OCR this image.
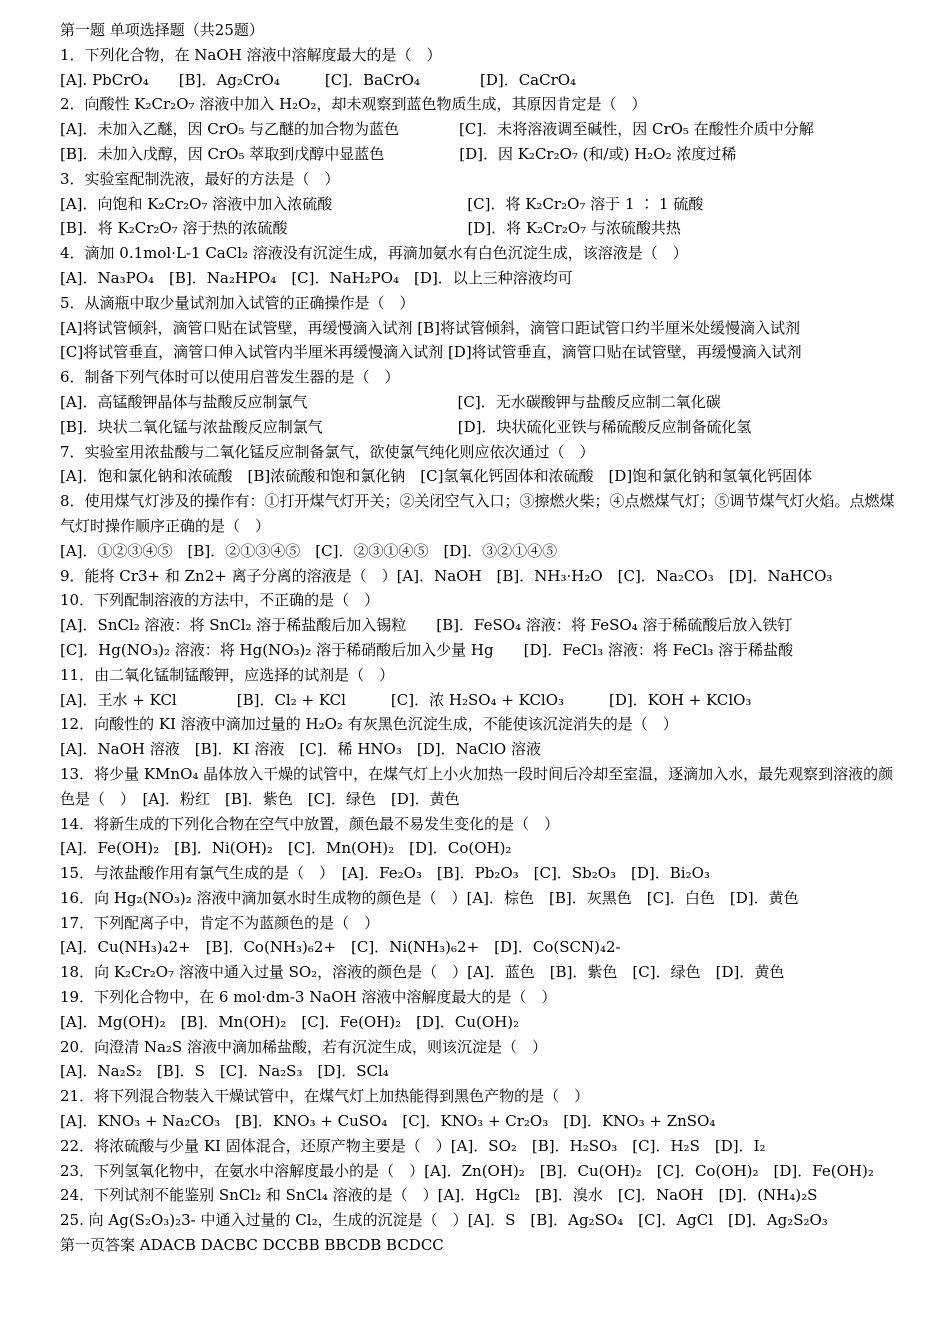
第一题 单项选择题（共25题）
1．下列化合物，在 NaOH 溶液中溶解度最大的是（　）
[A]. PbCrO₄　　[B]．Ag₂CrO₄　　　[C]．BaCrO₄　　　　[D]．CaCrO₄
2．向酸性 K₂Cr₂O₇ 溶液中加入 H₂O₂，却未观察到蓝色物质生成，其原因肯定是（　）
[A]．未加入乙醚，因 CrO₅ 与乙醚的加合物为蓝色　　　　[C]．未将溶液调至碱性，因 CrO₅ 在酸性介质中分解
[B]．未加入戊醇，因 CrO₅ 萃取到戊醇中显蓝色　　　　　[D]．因 K₂Cr₂O₇ (和/或) H₂O₂ 浓度过稀
3．实验室配制洗液，最好的方法是（　）
[A]．向饱和 K₂Cr₂O₇ 溶液中加入浓硫酸　　　　　　　　　[C]．将 K₂Cr₂O₇ 溶于 1 ∶ 1 硫酸
[B]．将 K₂Cr₂O₇ 溶于热的浓硫酸　　　　　　　　　　　　[D]．将 K₂Cr₂O₇ 与浓硫酸共热
4．滴加 0.1mol·L-1 CaCl₂ 溶液没有沉淀生成，再滴加氨水有白色沉淀生成，该溶液是（　）
[A]．Na₃PO₄　[B]．Na₂HPO₄　[C]．NaH₂PO₄　[D]．以上三种溶液均可
5．从滴瓶中取少量试剂加入试管的正确操作是（　）
[A]将试管倾斜，滴管口贴在试管壁，再缓慢滴入试剂 [B]将试管倾斜，滴管口距试管口约半厘米处缓慢滴入试剂
[C]将试管垂直，滴管口伸入试管内半厘米再缓慢滴入试剂 [D]将试管垂直，滴管口贴在试管壁，再缓慢滴入试剂
6．制备下列气体时可以使用启普发生器的是（　）
[A]．高锰酸钾晶体与盐酸反应制氯气　　　　　　　　　　[C]．无水碳酸钾与盐酸反应制二氧化碳
[B]．块状二氧化锰与浓盐酸反应制氯气　　　　　　　　　[D]．块状硫化亚铁与稀硫酸反应制备硫化氢
7．实验室用浓盐酸与二氧化锰反应制备氯气，欲使氯气纯化则应依次通过（　）
[A]．饱和氯化钠和浓硫酸　[B]浓硫酸和饱和氯化钠　[C]氢氧化钙固体和浓硫酸　[D]饱和氯化钠和氢氧化钙固体
8．使用煤气灯涉及的操作有：①打开煤气灯开关；②关闭空气入口；③擦燃火柴；④点燃煤气灯；⑤调节煤气灯火焰。点燃煤气灯时操作顺序正确的是（　）
[A]．①②③④⑤　[B]．②①③④⑤　[C]．②③①④⑤　[D]．③②①④⑤
9．能将 Cr3+ 和 Zn2+ 离子分离的溶液是（　）[A]．NaOH　[B]．NH₃·H₂O　[C]．Na₂CO₃　[D]．NaHCO₃
10．下列配制溶液的方法中，不正确的是（　）
[A]．SnCl₂ 溶液：将 SnCl₂ 溶于稀盐酸后加入锡粒　　[B]．FeSO₄ 溶液：将 FeSO₄ 溶于稀硫酸后放入铁钉
[C]．Hg(NO₃)₂ 溶液：将 Hg(NO₃)₂ 溶于稀硝酸后加入少量 Hg　　[D]．FeCl₃ 溶液：将 FeCl₃ 溶于稀盐酸
11．由二氧化锰制锰酸钾，应选择的试剂是（　）
[A]．王水 + KCl　　　　[B]．Cl₂ + KCl　　　[C]．浓 H₂SO₄ + KClO₃　　　[D]．KOH + KClO₃
12．向酸性的 KI 溶液中滴加过量的 H₂O₂ 有灰黑色沉淀生成，不能使该沉淀消失的是（　）
[A]．NaOH 溶液　[B]．KI 溶液　[C]．稀 HNO₃　[D]．NaClO 溶液
13．将少量 KMnO₄ 晶体放入干燥的试管中，在煤气灯上小火加热一段时间后冷却至室温，逐滴加入水，最先观察到溶液的颜色是（　）　[A]．粉红　[B]．紫色　[C]．绿色　[D]．黄色
14．将新生成的下列化合物在空气中放置，颜色最不易发生变化的是（　）
[A]．Fe(OH)₂　[B]．Ni(OH)₂　[C]．Mn(OH)₂　[D]．Co(OH)₂
15．与浓盐酸作用有氯气生成的是（　）　[A]．Fe₂O₃　[B]．Pb₂O₃　[C]．Sb₂O₃　[D]．Bi₂O₃
16．向 Hg₂(NO₃)₂ 溶液中滴加氨水时生成物的颜色是（　）[A]．棕色　[B]．灰黑色　[C]．白色　[D]．黄色
17．下列配离子中，肯定不为蓝颜色的是（　）
[A]．Cu(NH₃)₄2+　[B]．Co(NH₃)₆2+　[C]．Ni(NH₃)₆2+　[D]．Co(SCN)₄2-
18．向 K₂Cr₂O₇ 溶液中通入过量 SO₂，溶液的颜色是（　）[A]．蓝色　[B]．紫色　[C]．绿色　[D]．黄色
19．下列化合物中，在 6 mol·dm-3 NaOH 溶液中溶解度最大的是（　）
[A]．Mg(OH)₂　[B]．Mn(OH)₂　[C]．Fe(OH)₂　[D]．Cu(OH)₂
20．向澄清 Na₂S 溶液中滴加稀盐酸，若有沉淀生成，则该沉淀是（　）
[A]．Na₂S₂　[B]．S　[C]．Na₂S₃　[D]．SCl₄
21．将下列混合物装入干燥试管中，在煤气灯上加热能得到黑色产物的是（　）
[A]．KNO₃ + Na₂CO₃　[B]．KNO₃ + CuSO₄　[C]．KNO₃ + Cr₂O₃　[D]．KNO₃ + ZnSO₄
22．将浓硫酸与少量 KI 固体混合，还原产物主要是（　）[A]．SO₂　[B]．H₂SO₃　[C]．H₂S　[D]．I₂
23．下列氢氧化物中，在氨水中溶解度最小的是（　）[A]．Zn(OH)₂　[B]．Cu(OH)₂　[C]．Co(OH)₂　[D]．Fe(OH)₂
24．下列试剂不能鉴别 SnCl₂ 和 SnCl₄ 溶液的是（　）[A]．HgCl₂　[B]．溴水　[C]．NaOH　[D]．(NH₄)₂S
25. 向 Ag(S₂O₃)₂3- 中通入过量的 Cl₂，生成的沉淀是（　）[A]．S　[B]．Ag₂SO₄　[C]．AgCl　[D]．Ag₂S₂O₃
第一页答案 ADACB DACBC DCCBB BBCDB BCDCC
